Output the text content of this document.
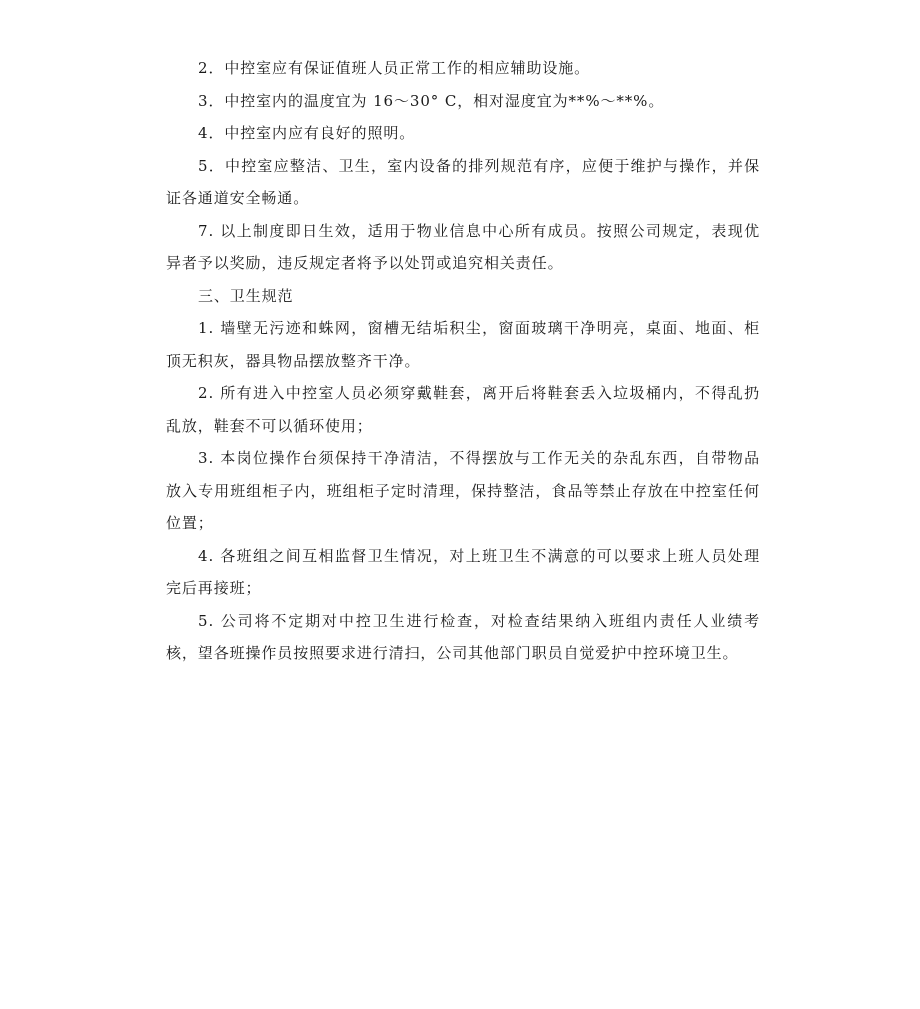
2．中控室应有保证值班人员正常工作的相应辅助设施。

3．中控室内的温度宜为 16～30° C，相对湿度宜为**%～**%。

4．中控室内应有良好的照明。

5．中控室应整洁、卫生，室内设备的排列规范有序，应便于维护与操作，并保证各通道安全畅通。

7. 以上制度即日生效，适用于物业信息中心所有成员。按照公司规定，表现优异者予以奖励，违反规定者将予以处罚或追究相关责任。

三、卫生规范

1. 墙壁无污迹和蛛网，窗槽无结垢积尘，窗面玻璃干净明亮，桌面、地面、柜顶无积灰，器具物品摆放整齐干净。

2. 所有进入中控室人员必须穿戴鞋套，离开后将鞋套丢入垃圾桶内，不得乱扔乱放，鞋套不可以循环使用；

3. 本岗位操作台须保持干净清洁，不得摆放与工作无关的杂乱东西，自带物品放入专用班组柜子内，班组柜子定时清理，保持整洁，食品等禁止存放在中控室任何位置；

4. 各班组之间互相监督卫生情况，对上班卫生不满意的可以要求上班人员处理完后再接班；

5. 公司将不定期对中控卫生进行检查，对检查结果纳入班组内责任人业绩考核，望各班操作员按照要求进行清扫，公司其他部门职员自觉爱护中控环境卫生。
